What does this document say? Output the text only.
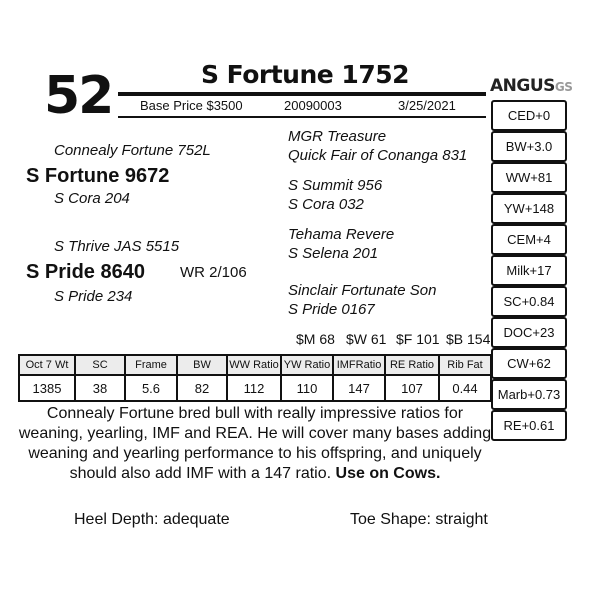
52	S Fortune 1752
Base Price $3500	20090003	3/25/2021
ANGUSGS
CED+0
BW+3.0
WW+81
YW+148
CEM+4
Milk+17
SC+0.84
DOC+23
CW+62
Marb+0.73
RE+0.61
Connealy Fortune 752L
S Fortune 9672
S Cora 204
S Thrive JAS 5515
S Pride 8640 WR 2/106
S Pride 234
MGR Treasure
Quick Fair of Conanga 831
S Summit 956
S Cora 032
Tehama Revere
S Selena 201
Sinclair Fortunate Son
S Pride 0167
$M 68 $W 61 $F 101 $B 154
Oct 7 Wt	SC	Frame	BW	WW Ratio	YW Ratio	IMFRatio	RE Ratio	Rib Fat
1385	38	5.6	82	112	110	147	107	0.44
Connealy Fortune bred bull with really impressive ratios for weaning, yearling, IMF and REA. He will cover many bases adding weaning and yearling performance to his offspring, and uniquely should also add IMF with a 147 ratio. Use on Cows.
Heel Depth: adequate	Toe Shape: straight
